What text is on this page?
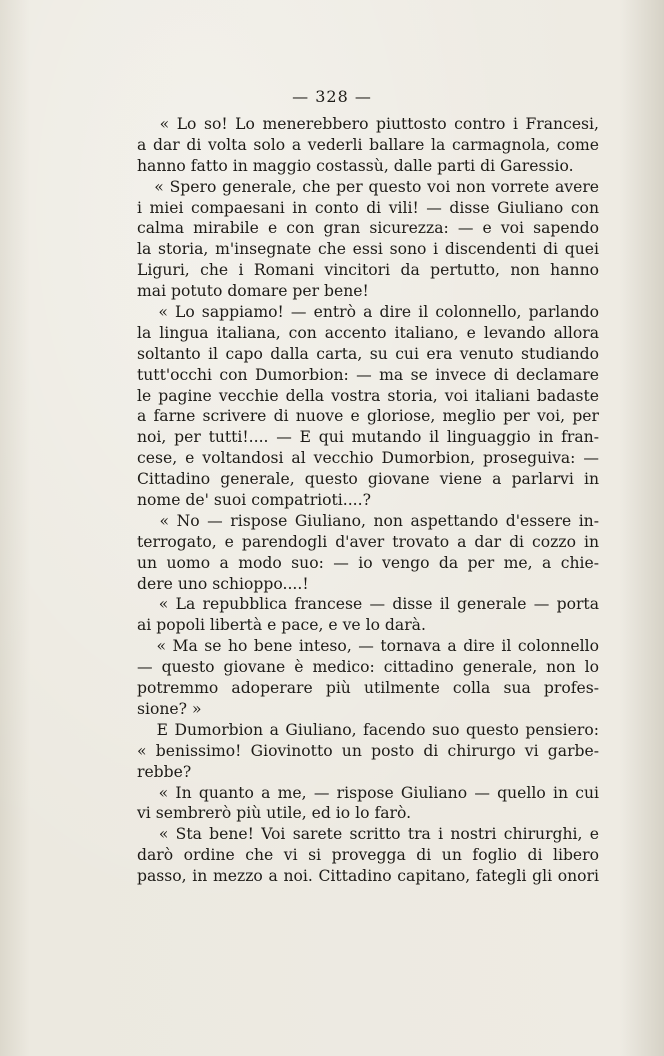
— 328 —
« Lo so! Lo menerebbero piuttosto contro i Francesi,
a dar di volta solo a vederli ballare la carmagnola, come
hanno fatto in maggio costassù, dalle parti di Garessio.
« Spero generale, che per questo voi non vorrete avere
i miei compaesani in conto di vili! — disse Giuliano con
calma mirabile e con gran sicurezza: — e voi sapendo
la storia, m'insegnate che essi sono i discendenti di quei
Liguri, che i Romani vincitori da pertutto, non hanno
mai potuto domare per bene!
« Lo sappiamo! — entrò a dire il colonnello, parlando
la lingua italiana, con accento italiano, e levando allora
soltanto il capo dalla carta, su cui era venuto studiando
tutt'occhi con Dumorbion: — ma se invece di declamare
le pagine vecchie della vostra storia, voi italiani badaste
a farne scrivere di nuove e gloriose, meglio per voi, per
noi, per tutti!.... — E qui mutando il linguaggio in fran-
cese, e voltandosi al vecchio Dumorbion, proseguiva: —
Cittadino generale, questo giovane viene a parlarvi in
nome de' suoi compatrioti....?
« No — rispose Giuliano, non aspettando d'essere in-
terrogato, e parendogli d'aver trovato a dar di cozzo in
un uomo a modo suo: — io vengo da per me, a chie-
dere uno schioppo....!
« La repubblica francese — disse il generale — porta
ai popoli libertà e pace, e ve lo darà.
« Ma se ho bene inteso, — tornava a dire il colonnello
— questo giovane è medico: cittadino generale, non lo
potremmo adoperare più utilmente colla sua profes-
sione? »
E Dumorbion a Giuliano, facendo suo questo pensiero:
« benissimo! Giovinotto un posto di chirurgo vi garbe-
rebbe?
« In quanto a me, — rispose Giuliano — quello in cui
vi sembrerò più utile, ed io lo farò.
« Sta bene! Voi sarete scritto tra i nostri chirurghi, e
darò ordine che vi si provegga di un foglio di libero
passo, in mezzo a noi. Cittadino capitano, fategli gli onori
